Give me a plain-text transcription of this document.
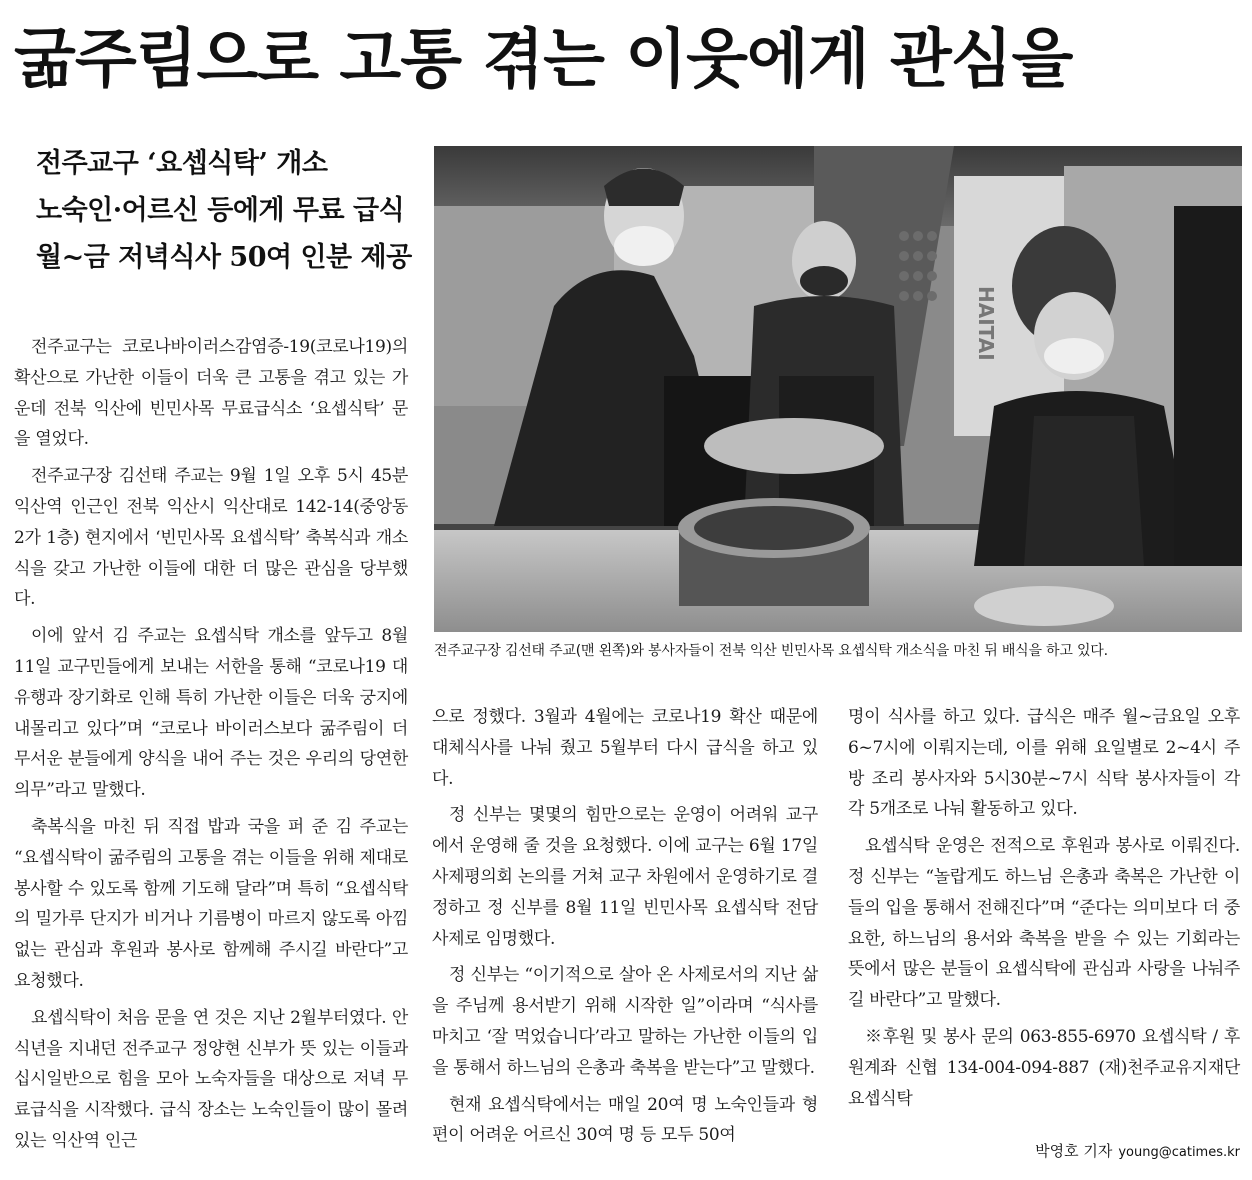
굶주림으로 고통 겪는 이웃에게 관심을
전주교구 ‘요셉식탁’ 개소
노숙인·어르신 등에게 무료 급식
월~금 저녁식사 50여 인분 제공
HAITAI
전주교구장 김선태 주교(맨 왼쪽)와 봉사자들이 전북 익산 빈민사목 요셉식탁 개소식을 마친 뒤 배식을 하고 있다.

전주교구는 코로나바이러스감염증-19(코로나19)의 확산으로 가난한 이들이 더욱 큰 고통을 겪고 있는 가운데 전북 익산에 빈민사목 무료급식소 ‘요셉식탁’ 문을 열었다.

전주교구장 김선태 주교는 9월 1일 오후 5시 45분 익산역 인근인 전북 익산시 익산대로 142-14(중앙동 2가 1층) 현지에서 ‘빈민사목 요셉식탁’ 축복식과 개소식을 갖고 가난한 이들에 대한 더 많은 관심을 당부했다.

이에 앞서 김 주교는 요셉식탁 개소를 앞두고 8월 11일 교구민들에게 보내는 서한을 통해 “코로나19 대유행과 장기화로 인해 특히 가난한 이들은 더욱 궁지에 내몰리고 있다”며 “코로나 바이러스보다 굶주림이 더 무서운 분들에게 양식을 내어 주는 것은 우리의 당연한 의무”라고 말했다.

축복식을 마친 뒤 직접 밥과 국을 퍼 준 김 주교는 “요셉식탁이 굶주림의 고통을 겪는 이들을 위해 제대로 봉사할 수 있도록 함께 기도해 달라”며 특히 “요셉식탁의 밀가루 단지가 비거나 기름병이 마르지 않도록 아낌없는 관심과 후원과 봉사로 함께해 주시길 바란다”고 요청했다.

요셉식탁이 처음 문을 연 것은 지난 2월부터였다. 안식년을 지내던 전주교구 정양현 신부가 뜻 있는 이들과 십시일반으로 힘을 모아 노숙자들을 대상으로 저녁 무료급식을 시작했다. 급식 장소는 노숙인들이 많이 몰려 있는 익산역 인근

으로 정했다. 3월과 4월에는 코로나19 확산 때문에 대체식사를 나눠 줬고 5월부터 다시 급식을 하고 있다.

정 신부는 몇몇의 힘만으로는 운영이 어려워 교구에서 운영해 줄 것을 요청했다. 이에 교구는 6월 17일 사제평의회 논의를 거쳐 교구 차원에서 운영하기로 결정하고 정 신부를 8월 11일 빈민사목 요셉식탁 전담 사제로 임명했다.

정 신부는 “이기적으로 살아 온 사제로서의 지난 삶을 주님께 용서받기 위해 시작한 일”이라며 “식사를 마치고 ‘잘 먹었습니다’라고 말하는 가난한 이들의 입을 통해서 하느님의 은총과 축복을 받는다”고 말했다.

현재 요셉식탁에서는 매일 20여 명 노숙인들과 형편이 어려운 어르신 30여 명 등 모두 50여

명이 식사를 하고 있다. 급식은 매주 월~금요일 오후 6~7시에 이뤄지는데, 이를 위해 요일별로 2~4시 주방 조리 봉사자와 5시30분~7시 식탁 봉사자들이 각각 5개조로 나눠 활동하고 있다.

요셉식탁 운영은 전적으로 후원과 봉사로 이뤄진다. 정 신부는 “놀랍게도 하느님 은총과 축복은 가난한 이들의 입을 통해서 전해진다”며 “준다는 의미보다 더 중요한, 하느님의 용서와 축복을 받을 수 있는 기회라는 뜻에서 많은 분들이 요셉식탁에 관심과 사랑을 나눠주길 바란다”고 말했다.

※후원 및 봉사 문의 063-855-6970 요셉식탁 / 후원계좌 신협 134-004-094-887 (재)천주교유지재단 요셉식탁

박영호 기자 young@catimes.kr
